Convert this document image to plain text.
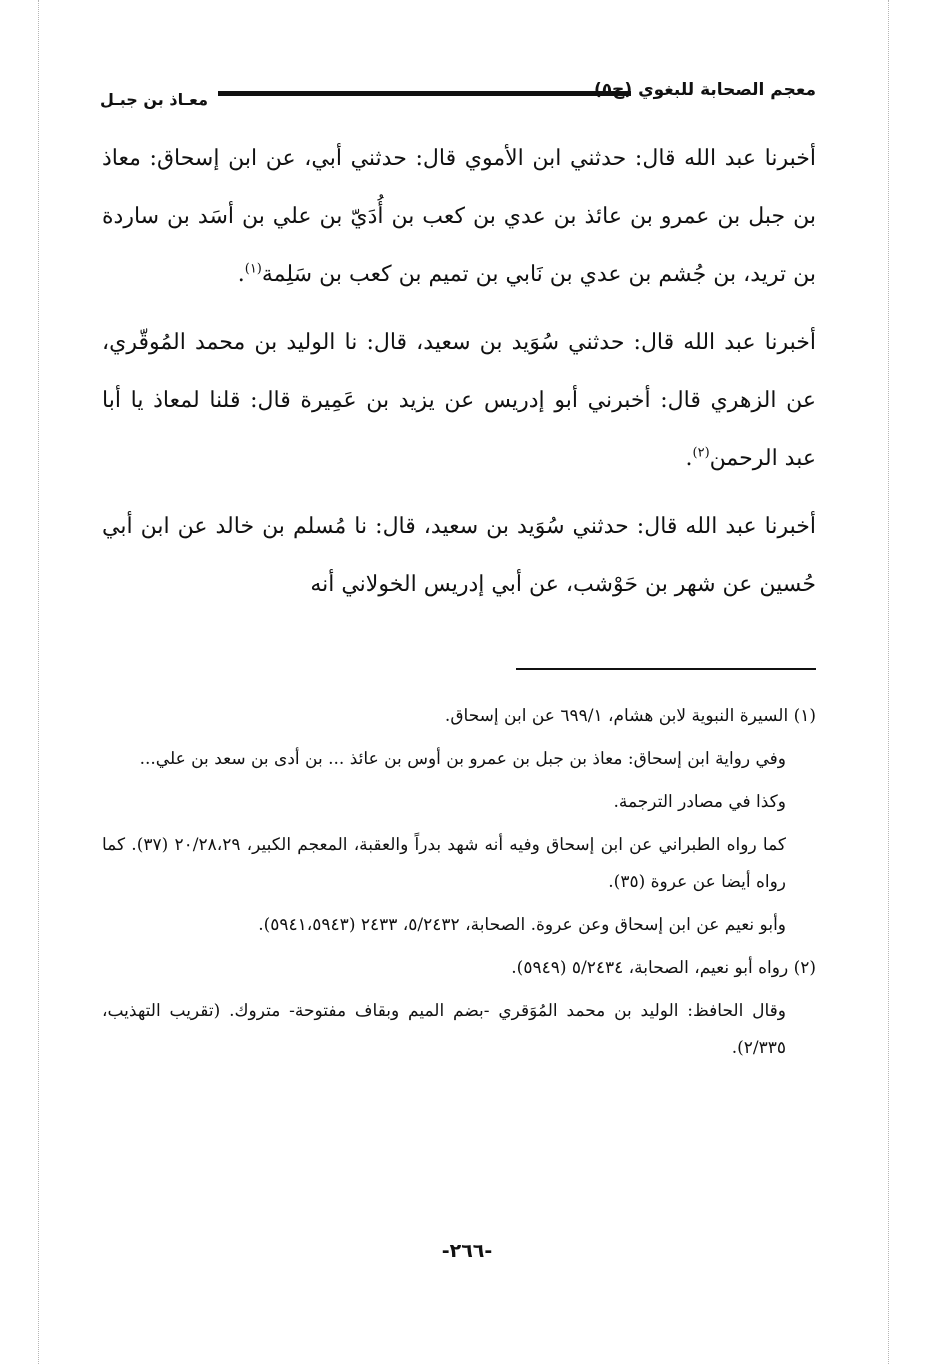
معجم الصحابة للبغوي (ج٥)
معـاذ بن جبـل

أخبرنا عبد الله قال: حدثني ابن الأموي قال: حدثني أبي، عن ابن إسحاق: معاذ بن جبل بن عمرو بن عائذ بن عدي بن كعب بن أُدَيّ بن علي بن أسَد بن ساردة بن تريد، بن جُشم بن عدي بن نَابي بن تميم بن كعب بن سَلِمة$^{(١)}$.

أخبرنا عبد الله قال: حدثني سُوَيد بن سعيد، قال: نا الوليد بن محمد المُوقّري، عن الزهري قال: أخبرني أبو إدريس عن يزيد بن عَمِيرة قال: قلنا لمعاذ يا أبا عبد الرحمن$^{(٢)}$.

أخبرنا عبد الله قال: حدثني سُوَيد بن سعيد، قال: نا مُسلم بن خالد عن ابن أبي حُسين عن شهر بن حَوْشب، عن أبي إدريس الخولاني أنه

(١) السيرة النبوية لابن هشام، ٦٩٩/١ عن ابن إسحاق.

وفي رواية ابن إسحاق: معاذ بن جبل بن عمرو بن أوس بن عائذ ... بن أدى بن سعد بن علي...

وكذا في مصادر الترجمة.

كما رواه الطبراني عن ابن إسحاق وفيه أنه شهد بدراً والعقبة، المعجم الكبير، ٢٠/٢٨،٢٩ (٣٧). كما رواه أيضا عن عروة (٣٥).

وأبو نعيم عن ابن إسحاق وعن عروة. الصحابة، ٥/٢٤٣٢، ٢٤٣٣ (٥٩٤١،٥٩٤٣).

(٢) رواه أبو نعيم، الصحابة، ٥/٢٤٣٤ (٥٩٤٩).

وقال الحافظ: الوليد بن محمد المُوَقري -بضم الميم وبقاف مفتوحة- متروك. (تقريب التهذيب، ٢/٣٣٥).

-٢٦٦-
